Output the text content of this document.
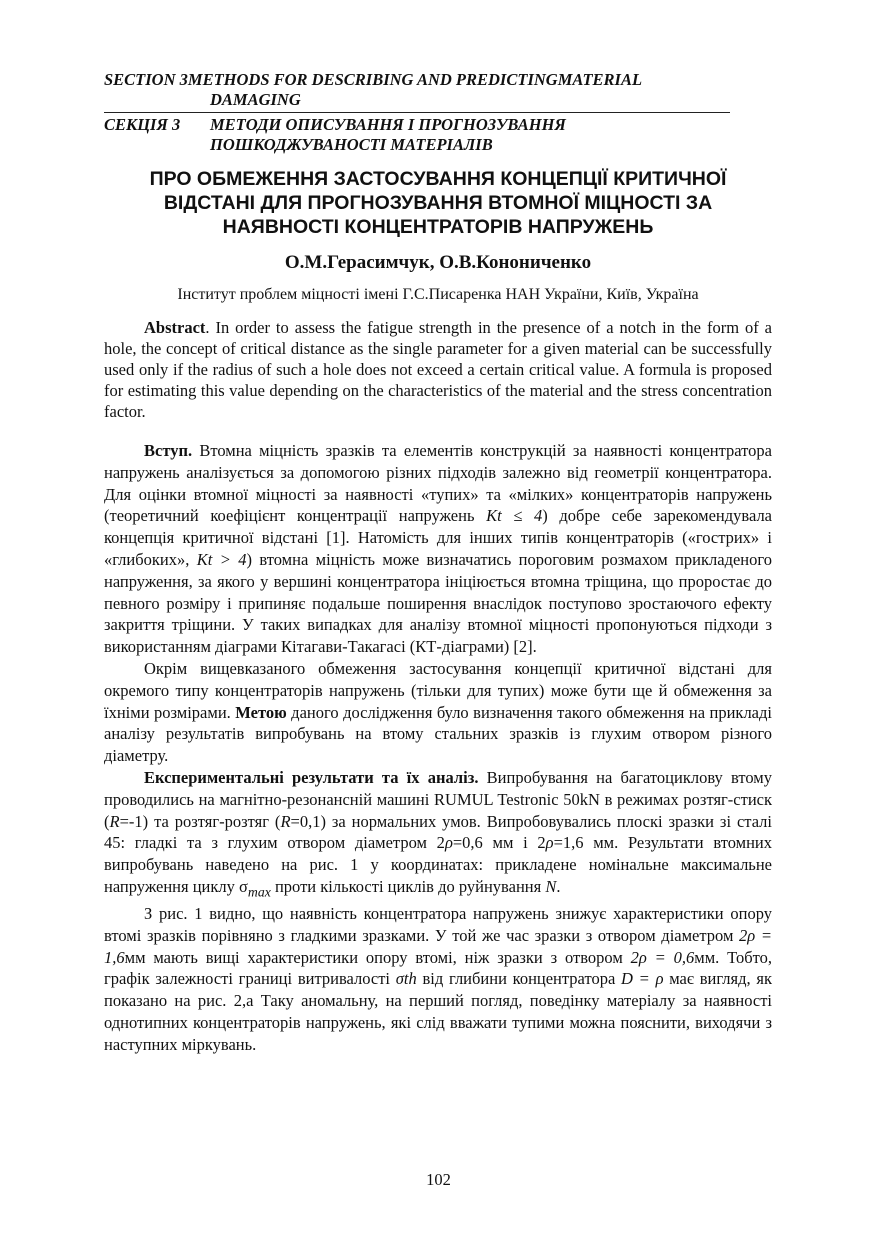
SECTION 3METHODS FOR DESCRIBING AND PREDICTINGMATERIAL
DAMAGING
СЕКЦІЯ 3	МЕТОДИ ОПИСУВАННЯ І ПРОГНОЗУВАННЯ
ПОШКОДЖУВАНОСТІ МАТЕРІАЛІВ
ПРО ОБМЕЖЕННЯ ЗАСТОСУВАННЯ КОНЦЕПЦІЇ КРИТИЧНОЇ
ВІДСТАНІ ДЛЯ ПРОГНОЗУВАННЯ ВТОМНОЇ МІЦНОСТІ ЗА
НАЯВНОСТІ КОНЦЕНТРАТОРІВ НАПРУЖЕНЬ
О.М.Герасимчук, О.В.Конониченко
Інститут проблем міцності імені Г.С.Писаренка НАН України, Київ, Україна

Abstract. In order to assess the fatigue strength in the presence of a notch in the form of a hole, the concept of critical distance as the single parameter for a given material can be successfully used only if the radius of such a hole does not exceed a certain critical value. A formula is proposed for estimating this value depending on the characteristics of the material and the stress concentration factor.

Вступ. Втомна міцність зразків та елементів конструкцій за наявності концентратора напружень аналізується за допомогою різних підходів залежно від геометрії концентратора. Для оцінки втомної міцності за наявності «тупих» та «мілких» концентраторів напружень (теоретичний коефіцієнт концентрації напружень Kt ≤ 4) добре себе зарекомендувала концепція критичної відстані [1]. Натомість для інших типів концентраторів («гострих» і «глибоких», Kt > 4) втомна міцність може визначатись пороговим розмахом прикладеного напруження, за якого у вершині концентратора ініціюється втомна тріщина, що проростає до певного розміру і припиняє подальше поширення внаслідок поступово зростаючого ефекту закриття тріщини. У таких випадках для аналізу втомної міцності пропонуються підходи з використанням діаграми Кітагави-Такагасі (КТ-діаграми) [2].

Окрім вищевказаного обмеження застосування концепції критичної відстані для окремого типу концентраторів напружень (тільки для тупих) може бути ще й обмеження за їхніми розмірами. Метою даного дослідження було визначення такого обмеження на прикладі аналізу результатів випробувань на втому стальних зразків із глухим отвором різного діаметру.

Експериментальні результати та їх аналіз. Випробування на багатоциклову втому проводились на магнітно-резонансній машині RUMUL Testronic 50kN в режимах розтяг-стиск (R=-1) та розтяг-розтяг (R=0,1) за нормальних умов. Випробовувались плоскі зразки зі сталі 45: гладкі та з глухим отвором діаметром 2ρ=0,6 мм і 2ρ=1,6 мм. Результати втомних випробувань наведено на рис. 1 у координатах: прикладене номінальне максимальне напруження циклу $\sigma_{max}$ проти кількості циклів до руйнування N.

З рис. 1 видно, що наявність концентратора напружень знижує характеристики опору втомі зразків порівняно з гладкими зразками. У той же час зразки з отвором діаметром 2ρ = 1,6мм мають вищі характеристики опору втомі, ніж зразки з отвором 2ρ = 0,6мм. Тобто, графік залежності границі витривалості σth від глибини концентратора D = ρ має вигляд, як показано на рис. 2,а Таку аномальну, на перший погляд, поведінку матеріалу за наявності однотипних концентраторів напружень, які слід вважати тупими можна пояснити, виходячи з наступних міркувань.

102
